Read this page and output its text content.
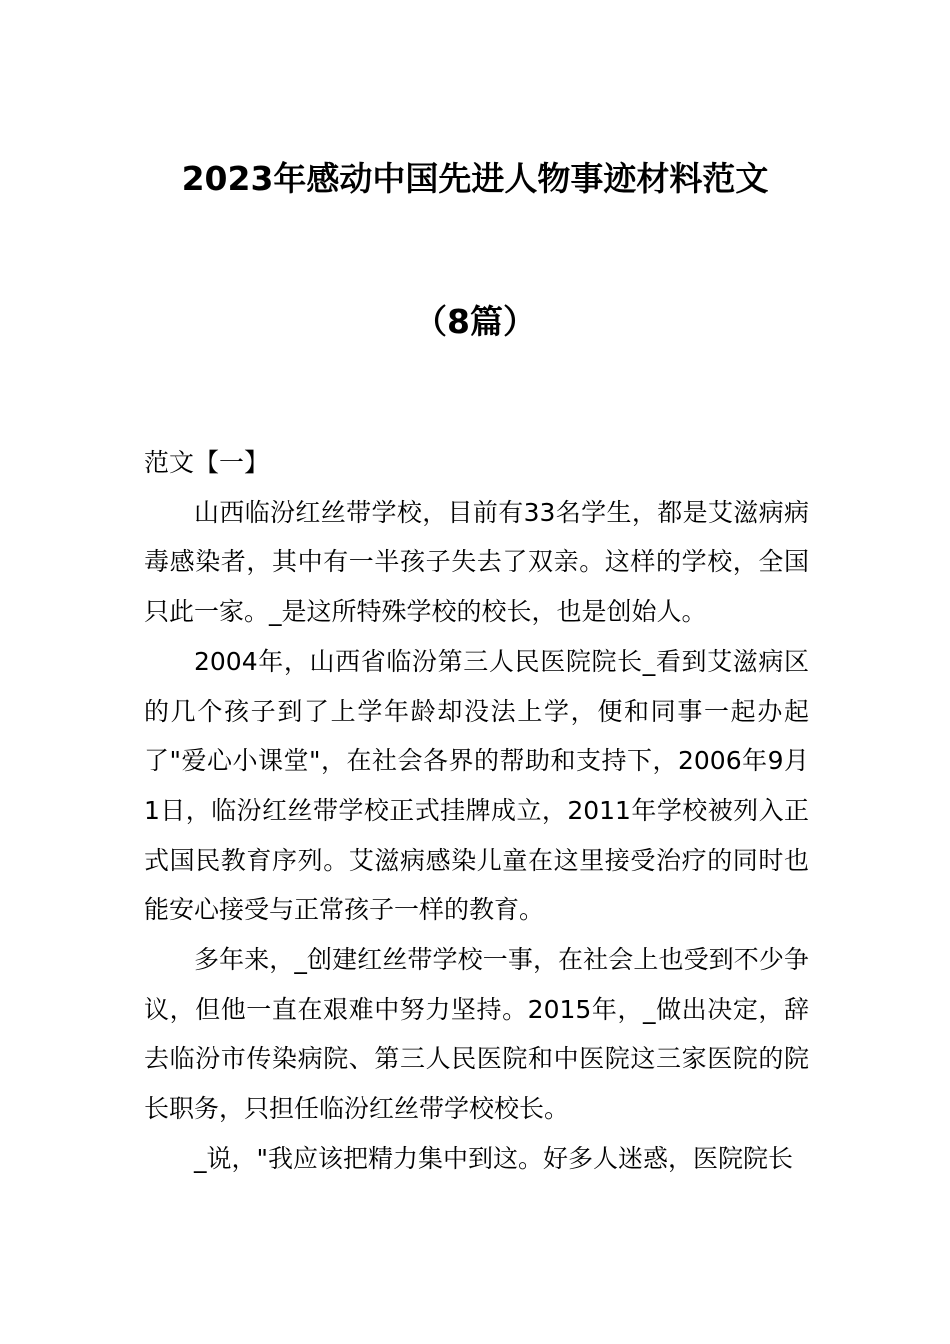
2023年感动中国先进人物事迹材料范文
（8篇）

范文【一】

山西临汾红丝带学校，目前有33名学生，都是艾滋病病毒感染者，其中有一半孩子失去了双亲。这样的学校，全国只此一家。_是这所特殊学校的校长，也是创始人。

2004年，山西省临汾第三人民医院院长_看到艾滋病区的几个孩子到了上学年龄却没法上学，便和同事一起办起了"爱心小课堂"，在社会各界的帮助和支持下，2006年9月1日，临汾红丝带学校正式挂牌成立，2011年学校被列入正式国民教育序列。艾滋病感染儿童在这里接受治疗的同时也能安心接受与正常孩子一样的教育。

多年来，_创建红丝带学校一事，在社会上也受到不少争议，但他一直在艰难中努力坚持。2015年，_做出决定，辞去临汾市传染病院、第三人民医院和中医院这三家医院的院长职务，只担任临汾红丝带学校校长。

_说，"我应该把精力集中到这。好多人迷惑，医院院长
